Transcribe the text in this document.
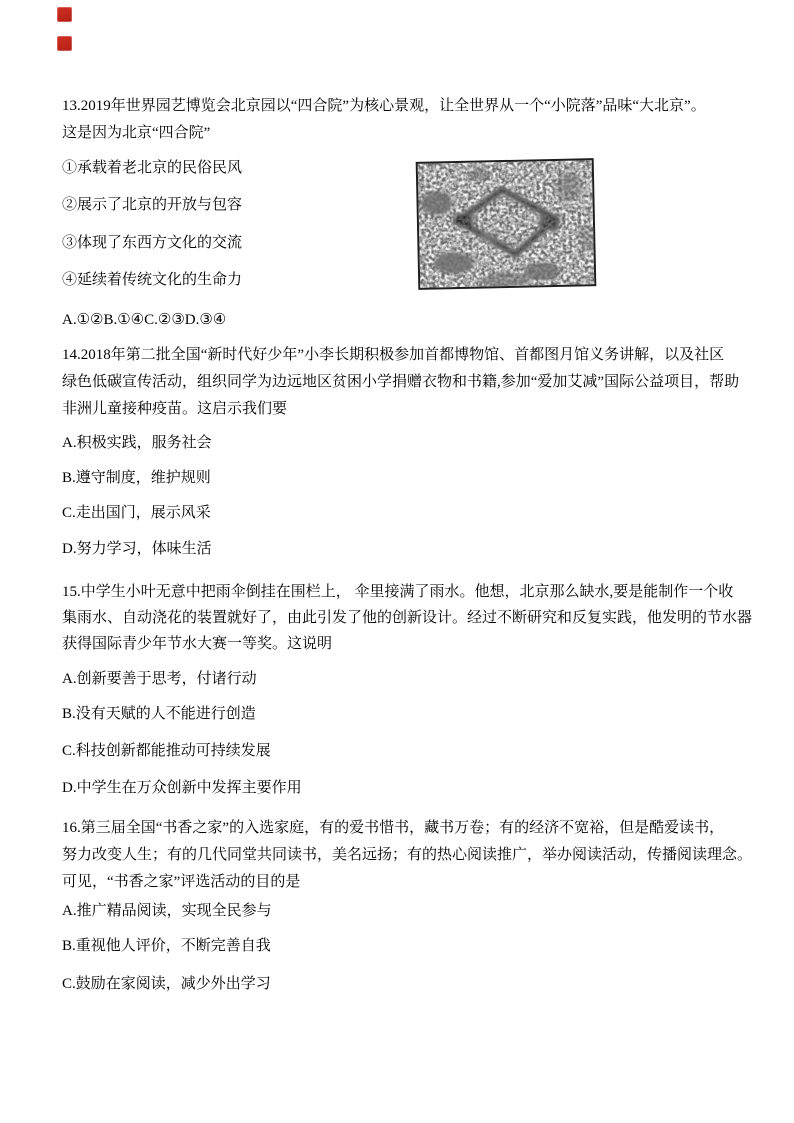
13.2019年世界园艺博览会北京园以“四合院”为核心景观，让全世界从一个“小院落”品味“大北京”。
这是因为北京“四合院”
①承载着老北京的民俗民风
②展示了北京的开放与包容
③体现了东西方文化的交流
④延续着传统文化的生命力
A.①②B.①④C.②③D.③④
14.2018年第二批全国“新时代好少年”小李长期积极参加首都博物馆、首都图月馆义务讲解，以及社区
绿色低碳宣传活动，组织同学为边远地区贫困小学捐赠衣物和书籍,参加“爱加艾减”国际公益项目，帮助
非洲儿童接种疫苗。这启示我们要
A.积极实践，服务社会
B.遵守制度，维护规则
C.走出国门，展示风采
D.努力学习，体味生活
15.中学生小叶无意中把雨伞倒挂在围栏上， 伞里接满了雨水。他想，北京那么缺水,要是能制作一个收
集雨水、自动浇花的装置就好了，由此引发了他的创新设计。经过不断研究和反复实践，他发明的节水器
获得国际青少年节水大赛一等奖。这说明
A.创新要善于思考，付诸行动
B.没有天赋的人不能进行创造
C.科技创新都能推动可持续发展
D.中学生在万众创新中发挥主要作用
16.第三届全国“书香之家”的入选家庭，有的爱书惜书，藏书万卷；有的经济不宽裕，但是酷爱读书，
努力改变人生；有的几代同堂共同读书，美名远扬；有的热心阅读推广，举办阅读活动，传播阅读理念。
可见，“书香之家”评选活动的目的是
A.推广精品阅读，实现全民参与
B.重视他人评价，不断完善自我
C.鼓励在家阅读，减少外出学习
